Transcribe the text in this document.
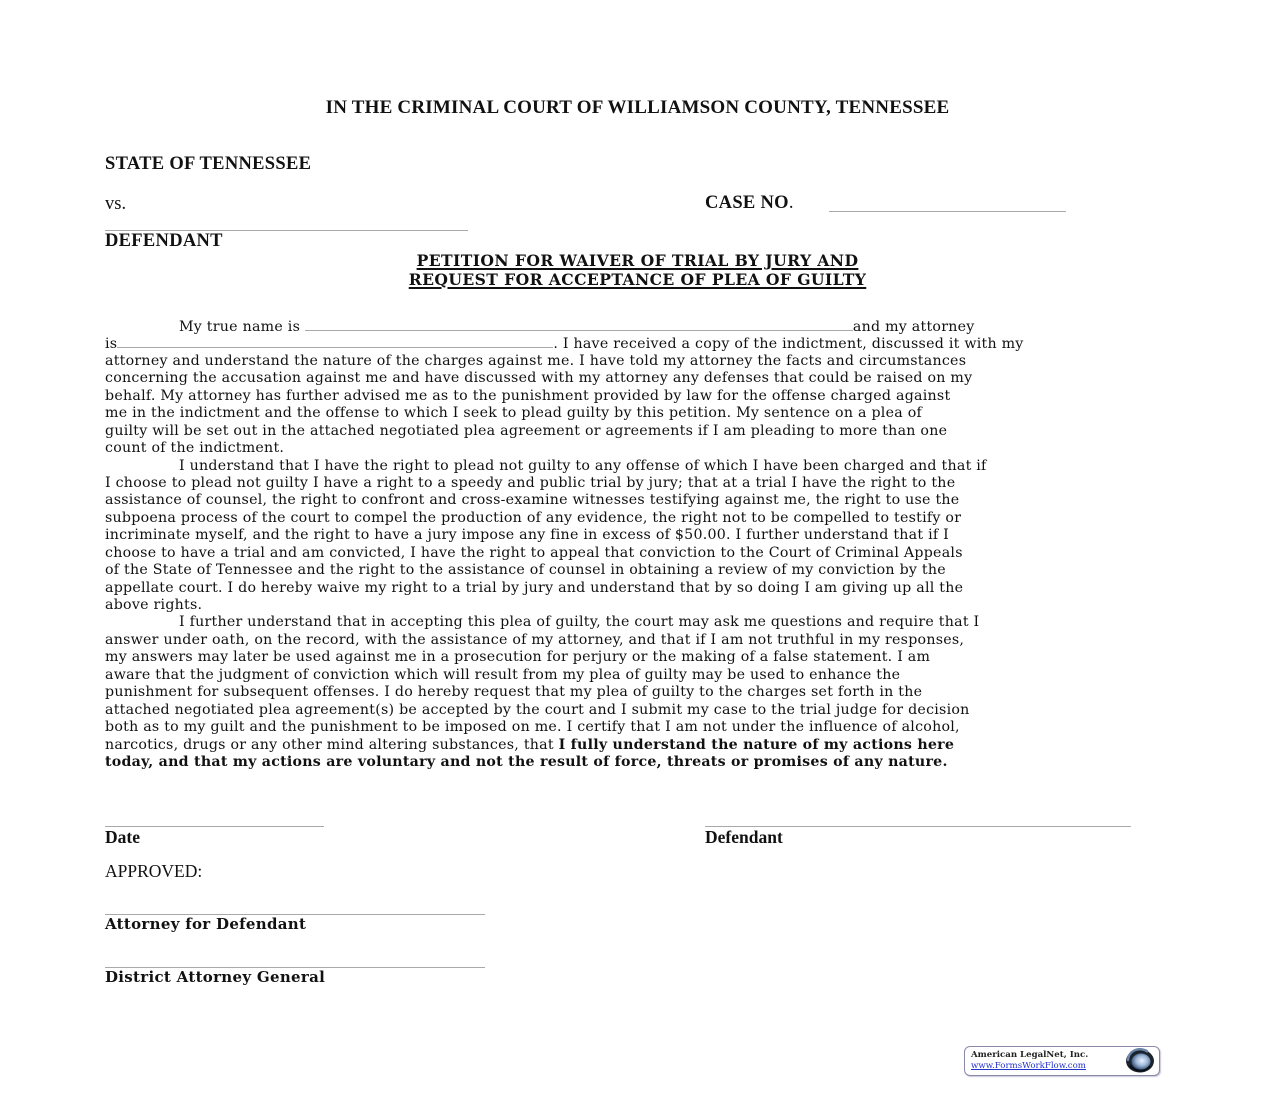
IN THE CRIMINAL COURT OF WILLIAMSON COUNTY, TENNESSEE
STATE OF TENNESSEE
vs.	CASE NO.
DEFENDANT
PETITION FOR WAIVER OF TRIAL BY JURY AND
REQUEST FOR ACCEPTANCE OF PLEA OF GUILTY
My true name is	and my attorney
is	. I have received a copy of the indictment, discussed it with my
attorney and understand the nature of the charges against me. I have told my attorney the facts and circumstances
concerning the accusation against me and have discussed with my attorney any defenses that could be raised on my
behalf. My attorney has further advised me as to the punishment provided by law for the offense charged against
me in the indictment and the offense to which I seek to plead guilty by this petition. My sentence on a plea of
guilty will be set out in the attached negotiated plea agreement or agreements if I am pleading to more than one
count of the indictment.
I understand that I have the right to plead not guilty to any offense of which I have been charged and that if
I choose to plead not guilty I have a right to a speedy and public trial by jury; that at a trial I have the right to the
assistance of counsel, the right to confront and cross-examine witnesses testifying against me, the right to use the
subpoena process of the court to compel the production of any evidence, the right not to be compelled to testify or
incriminate myself, and the right to have a jury impose any fine in excess of $50.00. I further understand that if I
choose to have a trial and am convicted, I have the right to appeal that conviction to the Court of Criminal Appeals
of the State of Tennessee and the right to the assistance of counsel in obtaining a review of my conviction by the
appellate court. I do hereby waive my right to a trial by jury and understand that by so doing I am giving up all the
above rights.
I further understand that in accepting this plea of guilty, the court may ask me questions and require that I
answer under oath, on the record, with the assistance of my attorney, and that if I am not truthful in my responses,
my answers may later be used against me in a prosecution for perjury or the making of a false statement. I am
aware that the judgment of conviction which will result from my plea of guilty may be used to enhance the
punishment for subsequent offenses. I do hereby request that my plea of guilty to the charges set forth in the
attached negotiated plea agreement(s) be accepted by the court and I submit my case to the trial judge for decision
both as to my guilt and the punishment to be imposed on me. I certify that I am not under the influence of alcohol,
narcotics, drugs or any other mind altering substances, that I fully understand the nature of my actions here
today, and that my actions are voluntary and not the result of force, threats or promises of any nature.
Date	Defendant
APPROVED:
Attorney for Defendant
District Attorney General
American LegalNet, Inc.
www.FormsWorkFlow.com
